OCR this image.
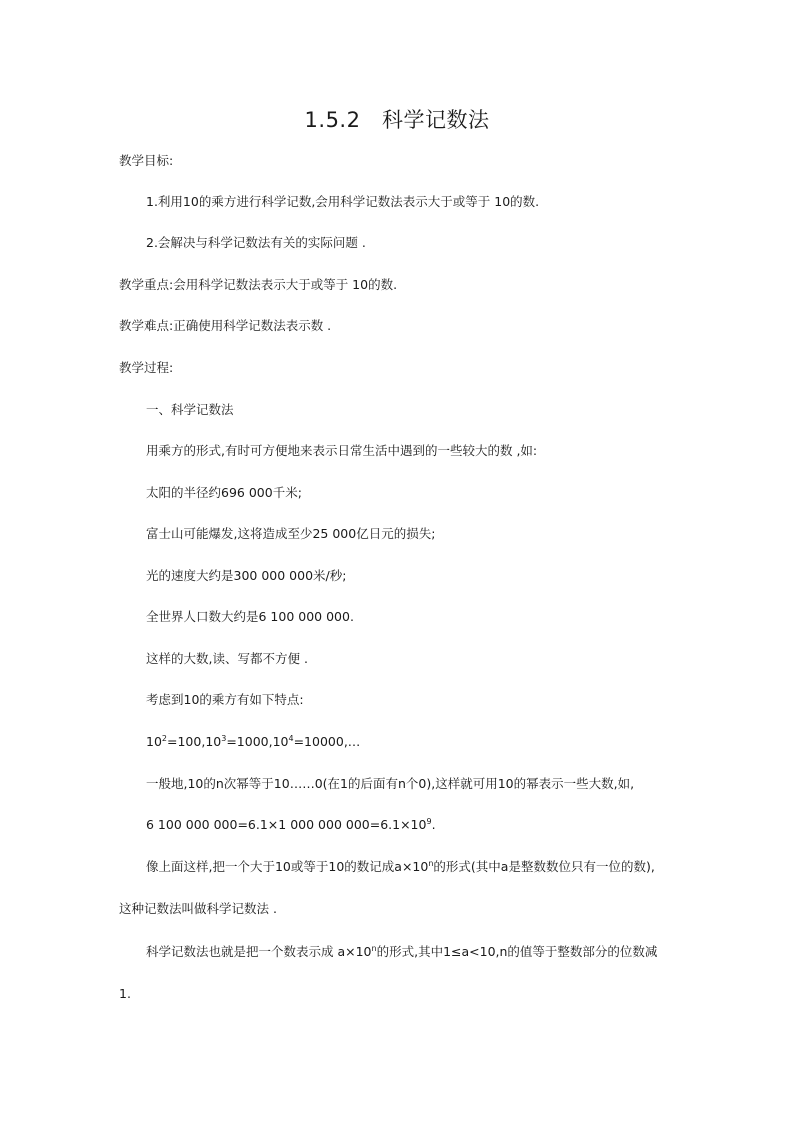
1.5.2　科学记数法

教学目标:

1.利用10的乘方进行科学记数,会用科学记数法表示大于或等于 10的数.

2.会解决与科学记数法有关的实际问题 .

教学重点:会用科学记数法表示大于或等于 10的数.

教学难点:正确使用科学记数法表示数 .

教学过程:

一、科学记数法

用乘方的形式,有时可方便地来表示日常生活中遇到的一些较大的数 ,如:

太阳的半径约696 000千米;

富士山可能爆发,这将造成至少25 000亿日元的损失;

光的速度大约是300 000 000米/秒;

全世界人口数大约是6 100 000 000.

这样的大数,读、写都不方便 .

考虑到10的乘方有如下特点:

$10^2=100,10^3=1000,10^4=10000,\dots$

一般地,10的n次幂等于10……0(在1的后面有n个0),这样就可用10的幂表示一些大数,如,

6 100 000 000=6.1×1 000 000 $000=6.1\times 10^9$.

像上面这样,把一个大于10或等于10的数记成$a\times 10^n$的形式(其中a是整数数位只有一位的数),

这种记数法叫做科学记数法 .

科学记数法也就是把一个数表示成 $a\times 10^n$的形式,其中1≤a<10,n的值等于整数部分的位数减

1.
